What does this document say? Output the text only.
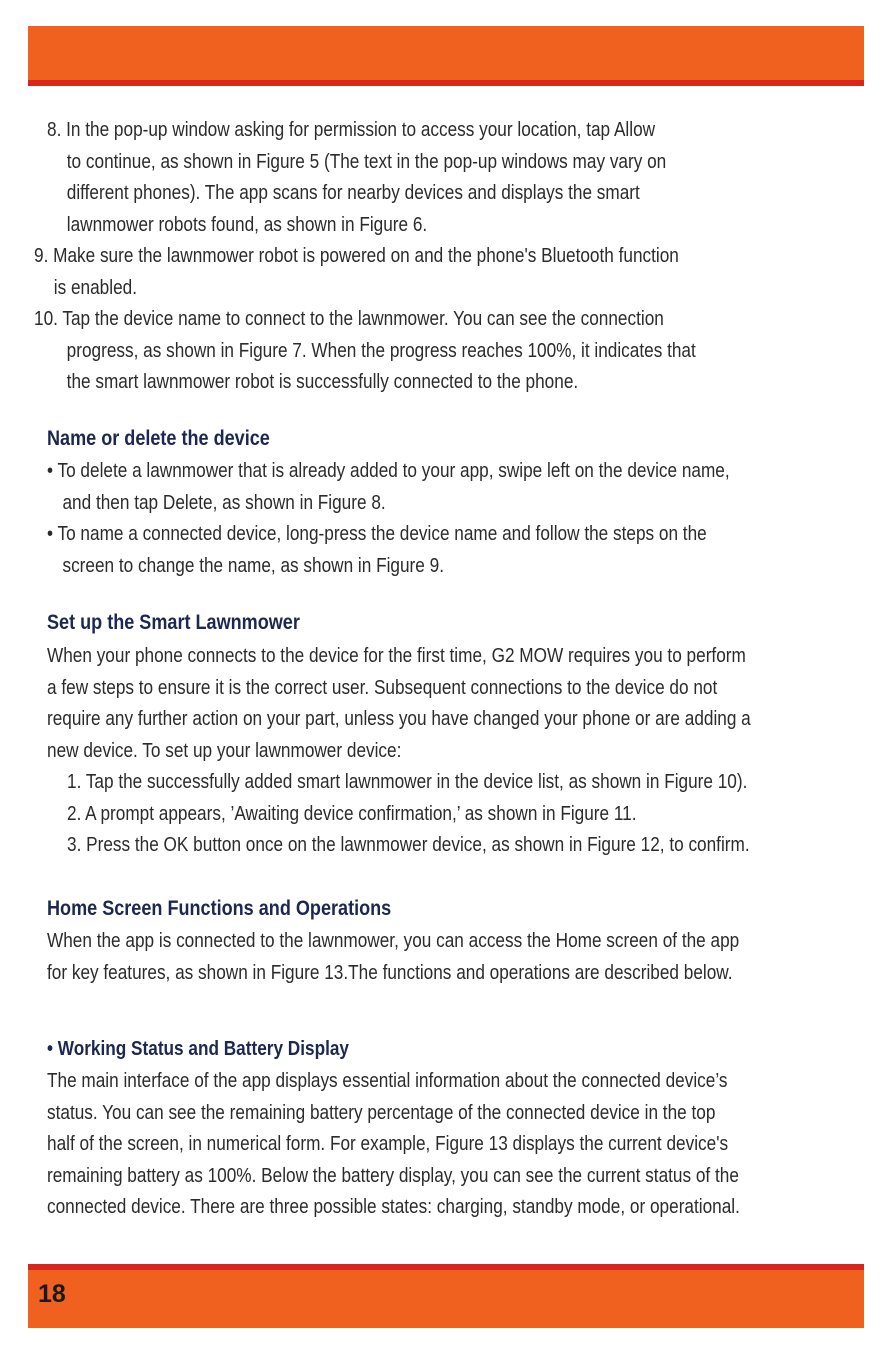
8. In the pop-up window asking for permission to access your location, tap Allow
to continue, as shown in Figure 5 (The text in the pop-up windows may vary on
different phones). The app scans for nearby devices and displays the smart
lawnmower robots found, as shown in Figure 6.
9. Make sure the lawnmower robot is powered on and the phone's Bluetooth function
is enabled.
10. Tap the device name to connect to the lawnmower. You can see the connection
progress, as shown in Figure 7. When the progress reaches 100%, it indicates that
the smart lawnmower robot is successfully connected to the phone.
Name or delete the device
• To delete a lawnmower that is already added to your app, swipe left on the device name,
and then tap Delete, as shown in Figure 8.
• To name a connected device, long-press the device name and follow the steps on the
screen to change the name, as shown in Figure 9.
Set up the Smart Lawnmower
When your phone connects to the device for the first time, G2 MOW requires you to perform
a few steps to ensure it is the correct user. Subsequent connections to the device do not
require any further action on your part, unless you have changed your phone or are adding a
new device. To set up your lawnmower device:
1. Tap the successfully added smart lawnmower in the device list, as shown in Figure 10).
2. A prompt appears, ’Awaiting device confirmation,’ as shown in Figure 11.
3. Press the OK button once on the lawnmower device, as shown in Figure 12, to confirm.
Home Screen Functions and Operations
When the app is connected to the lawnmower, you can access the Home screen of the app
for key features, as shown in Figure 13.The functions and operations are described below.
• Working Status and Battery Display
The main interface of the app displays essential information about the connected device’s
status. You can see the remaining battery percentage of the connected device in the top
half of the screen, in numerical form. For example, Figure 13 displays the current device's
remaining battery as 100%. Below the battery display, you can see the current status of the
connected device. There are three possible states: charging, standby mode, or operational.
18
